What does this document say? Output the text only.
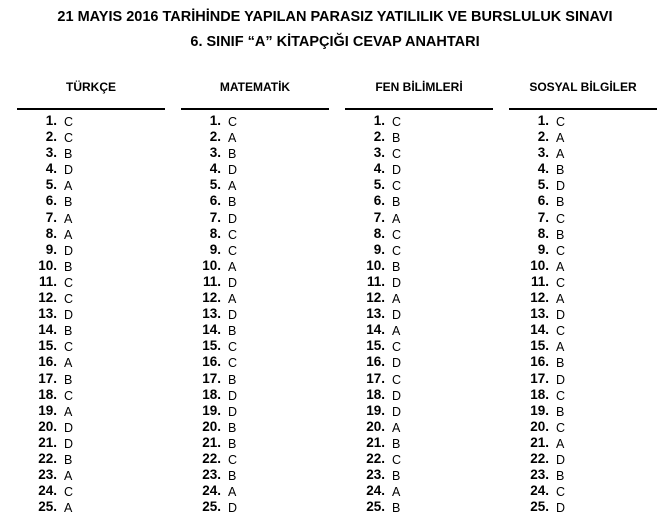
21 MAYIS 2016 TARİHİNDE YAPILAN PARASIZ YATILILIK VE BURSLULUK SINAVI
6. SINIF “A” KİTAPÇIĞI CEVAP ANAHTARI
TÜRKÇE
1. C
2. C
3. B
4. D
5. A
6. B
7. A
8. A
9. D
10. B
11. C
12. C
13. D
14. B
15. C
16. A
17. B
18. C
19. A
20. D
21. D
22. B
23. A
24. C
25. A
MATEMATİK
1. C
2. A
3. B
4. D
5. A
6. B
7. D
8. C
9. C
10. A
11. D
12. A
13. D
14. B
15. C
16. C
17. B
18. D
19. D
20. B
21. B
22. C
23. B
24. A
25. D
FEN BİLİMLERİ
1. C
2. B
3. C
4. D
5. C
6. B
7. A
8. C
9. C
10. B
11. D
12. A
13. D
14. A
15. C
16. D
17. C
18. D
19. D
20. A
21. B
22. C
23. B
24. A
25. B
SOSYAL BİLGİLER
1. C
2. A
3. A
4. B
5. D
6. B
7. C
8. B
9. C
10. A
11. C
12. A
13. D
14. C
15. A
16. B
17. D
18. C
19. B
20. C
21. A
22. D
23. B
24. C
25. D
